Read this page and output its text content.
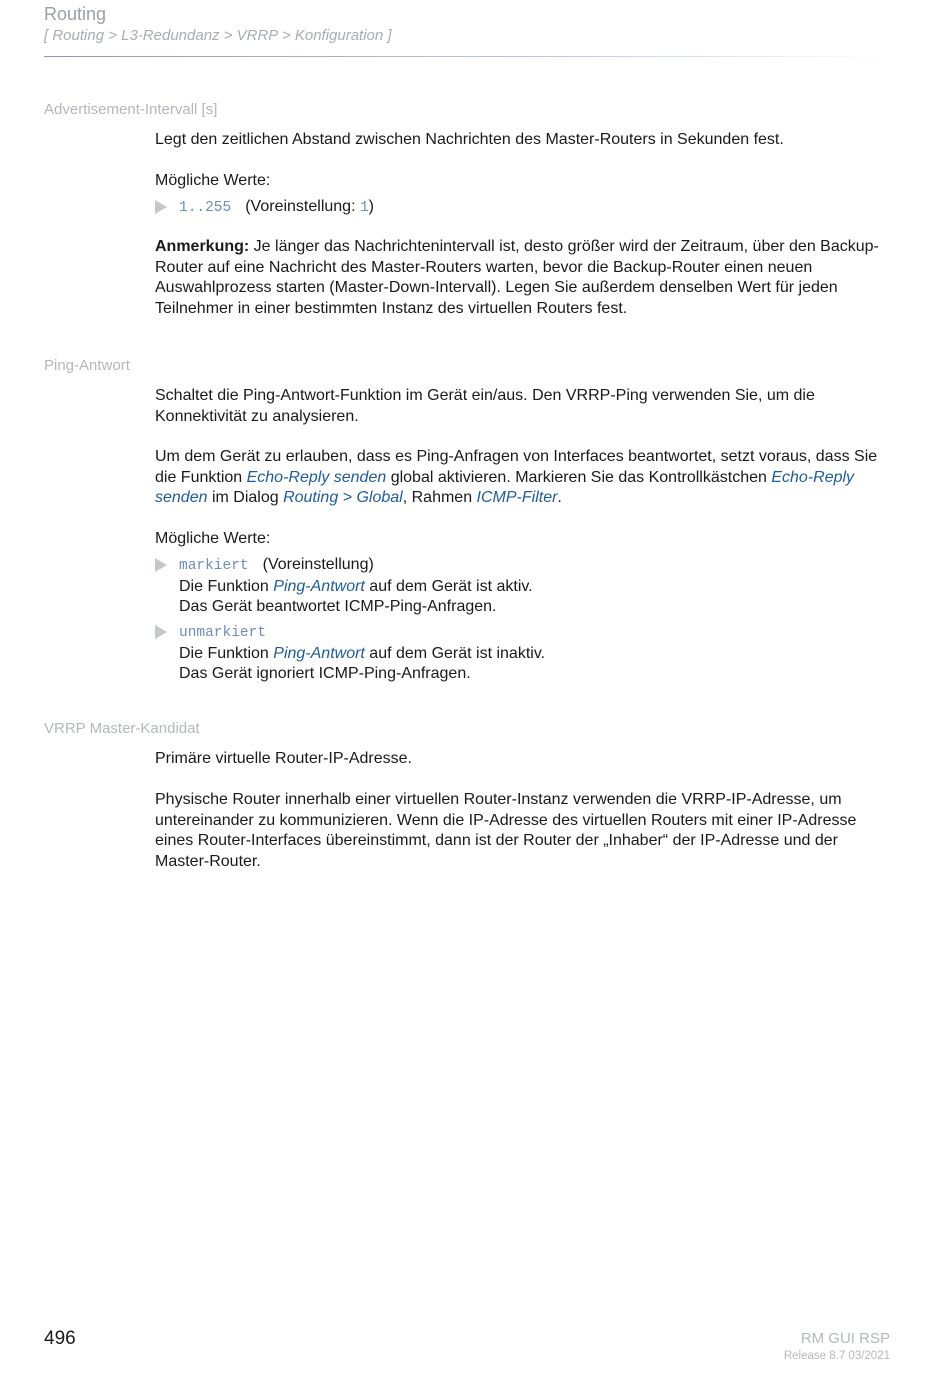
Routing
[ Routing > L3-Redundanz > VRRP > Konfiguration ]
Advertisement-Intervall [s]
Legt den zeitlichen Abstand zwischen Nachrichten des Master-Routers in Sekunden fest.
Mögliche Werte:
1..255 (Voreinstellung: 1)
Anmerkung: Je länger das Nachrichtenintervall ist, desto größer wird der Zeitraum, über den Backup-Router auf eine Nachricht des Master-Routers warten, bevor die Backup-Router einen neuen Auswahlprozess starten (Master-Down-Intervall). Legen Sie außerdem denselben Wert für jeden Teilnehmer in einer bestimmten Instanz des virtuellen Routers fest.
Ping-Antwort
Schaltet die Ping-Antwort-Funktion im Gerät ein/aus. Den VRRP-Ping verwenden Sie, um die Konnektivität zu analysieren.
Um dem Gerät zu erlauben, dass es Ping-Anfragen von Interfaces beantwortet, setzt voraus, dass Sie die Funktion Echo-Reply senden global aktivieren. Markieren Sie das Kontrollkästchen Echo-Reply senden im Dialog Routing > Global, Rahmen ICMP-Filter.
Mögliche Werte:
markiert (Voreinstellung)
Die Funktion Ping-Antwort auf dem Gerät ist aktiv.
Das Gerät beantwortet ICMP-Ping-Anfragen.
unmarkiert
Die Funktion Ping-Antwort auf dem Gerät ist inaktiv.
Das Gerät ignoriert ICMP-Ping-Anfragen.
VRRP Master-Kandidat
Primäre virtuelle Router-IP-Adresse.
Physische Router innerhalb einer virtuellen Router-Instanz verwenden die VRRP-IP-Adresse, um untereinander zu kommunizieren. Wenn die IP-Adresse des virtuellen Routers mit einer IP-Adresse eines Router-Interfaces übereinstimmt, dann ist der Router der „Inhaber“ der IP-Adresse und der Master-Router.
496	RM GUI RSP
Release 8.7 03/2021
